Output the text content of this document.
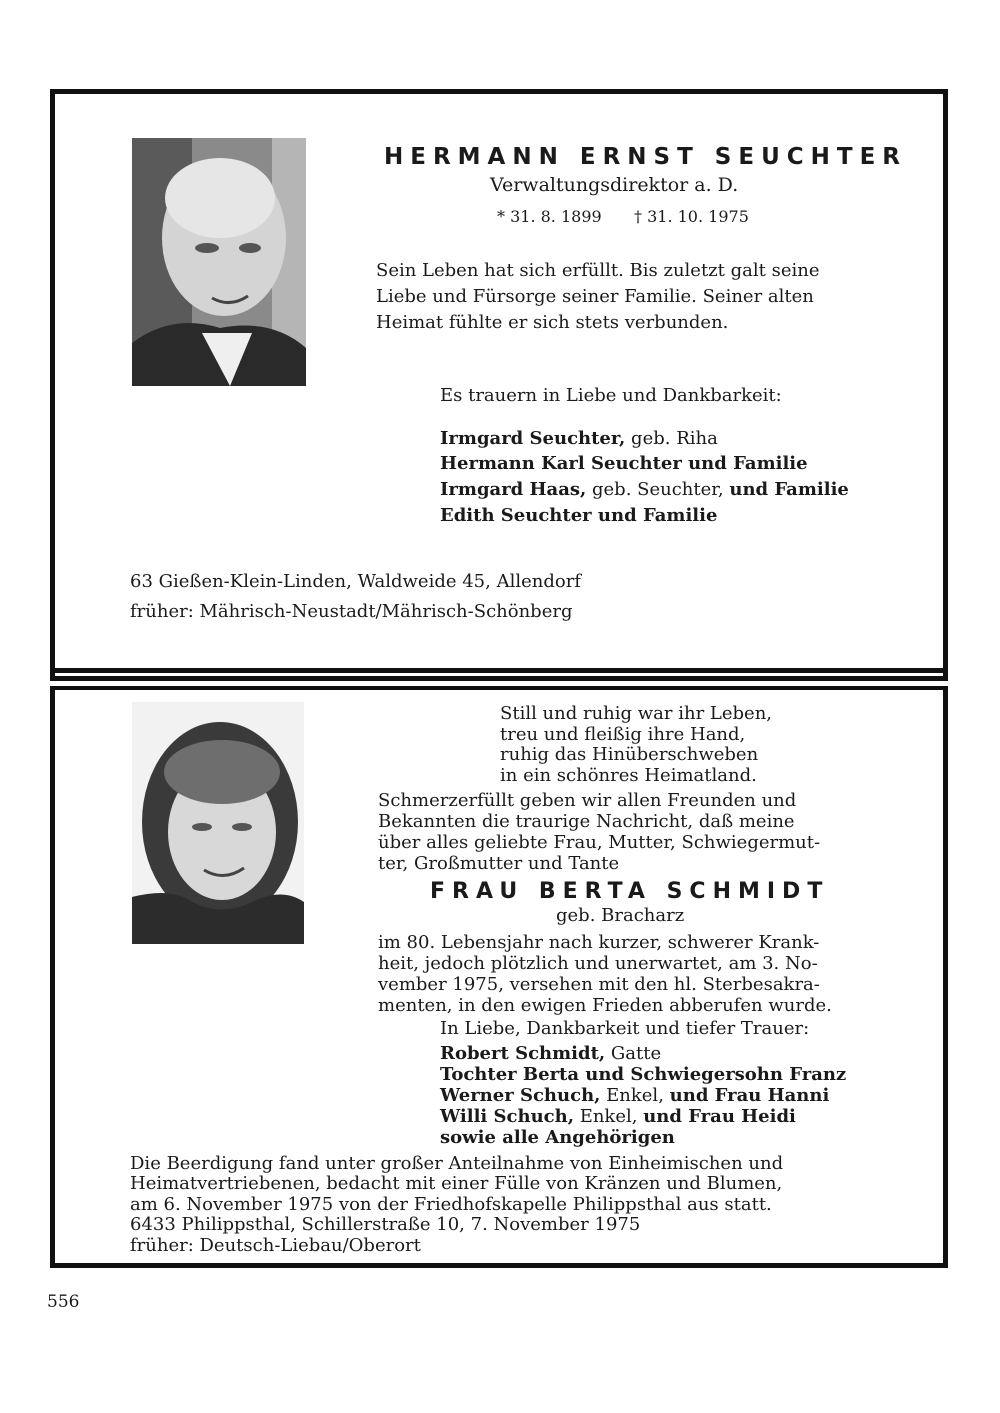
HERMANN ERNST SEUCHTER
Verwaltungsdirektor a. D.
* 31. 8. 1899 † 31. 10. 1975
Sein Leben hat sich erfüllt. Bis zuletzt galt seine
Liebe und Fürsorge seiner Familie. Seiner alten
Heimat fühlte er sich stets verbunden.
Es trauern in Liebe und Dankbarkeit:
Irmgard Seuchter, geb. Riha
Hermann Karl Seuchter und Familie
Irmgard Haas, geb. Seuchter, und Familie
Edith Seuchter und Familie
63 Gießen-Klein-Linden, Waldweide 45, Allendorf
früher: Mährisch-Neustadt/Mährisch-Schönberg
Still und ruhig war ihr Leben,
treu und fleißig ihre Hand,
ruhig das Hinüberschweben
in ein schönres Heimatland.
Schmerzerfüllt geben wir allen Freunden und
Bekannten die traurige Nachricht, daß meine
über alles geliebte Frau, Mutter, Schwiegermut-
ter, Großmutter und Tante
FRAU BERTA SCHMIDT
geb. Bracharz
im 80. Lebensjahr nach kurzer, schwerer Krank-
heit, jedoch plötzlich und unerwartet, am 3. No-
vember 1975, versehen mit den hl. Sterbesakra-
menten, in den ewigen Frieden abberufen wurde.
In Liebe, Dankbarkeit und tiefer Trauer:
Robert Schmidt, Gatte
Tochter Berta und Schwiegersohn Franz
Werner Schuch, Enkel, und Frau Hanni
Willi Schuch, Enkel, und Frau Heidi
sowie alle Angehörigen
Die Beerdigung fand unter großer Anteilnahme von Einheimischen und
Heimatvertriebenen, bedacht mit einer Fülle von Kränzen und Blumen,
am 6. November 1975 von der Friedhofskapelle Philippsthal aus statt.
6433 Philippsthal, Schillerstraße 10, 7. November 1975
früher: Deutsch-Liebau/Oberort
556
